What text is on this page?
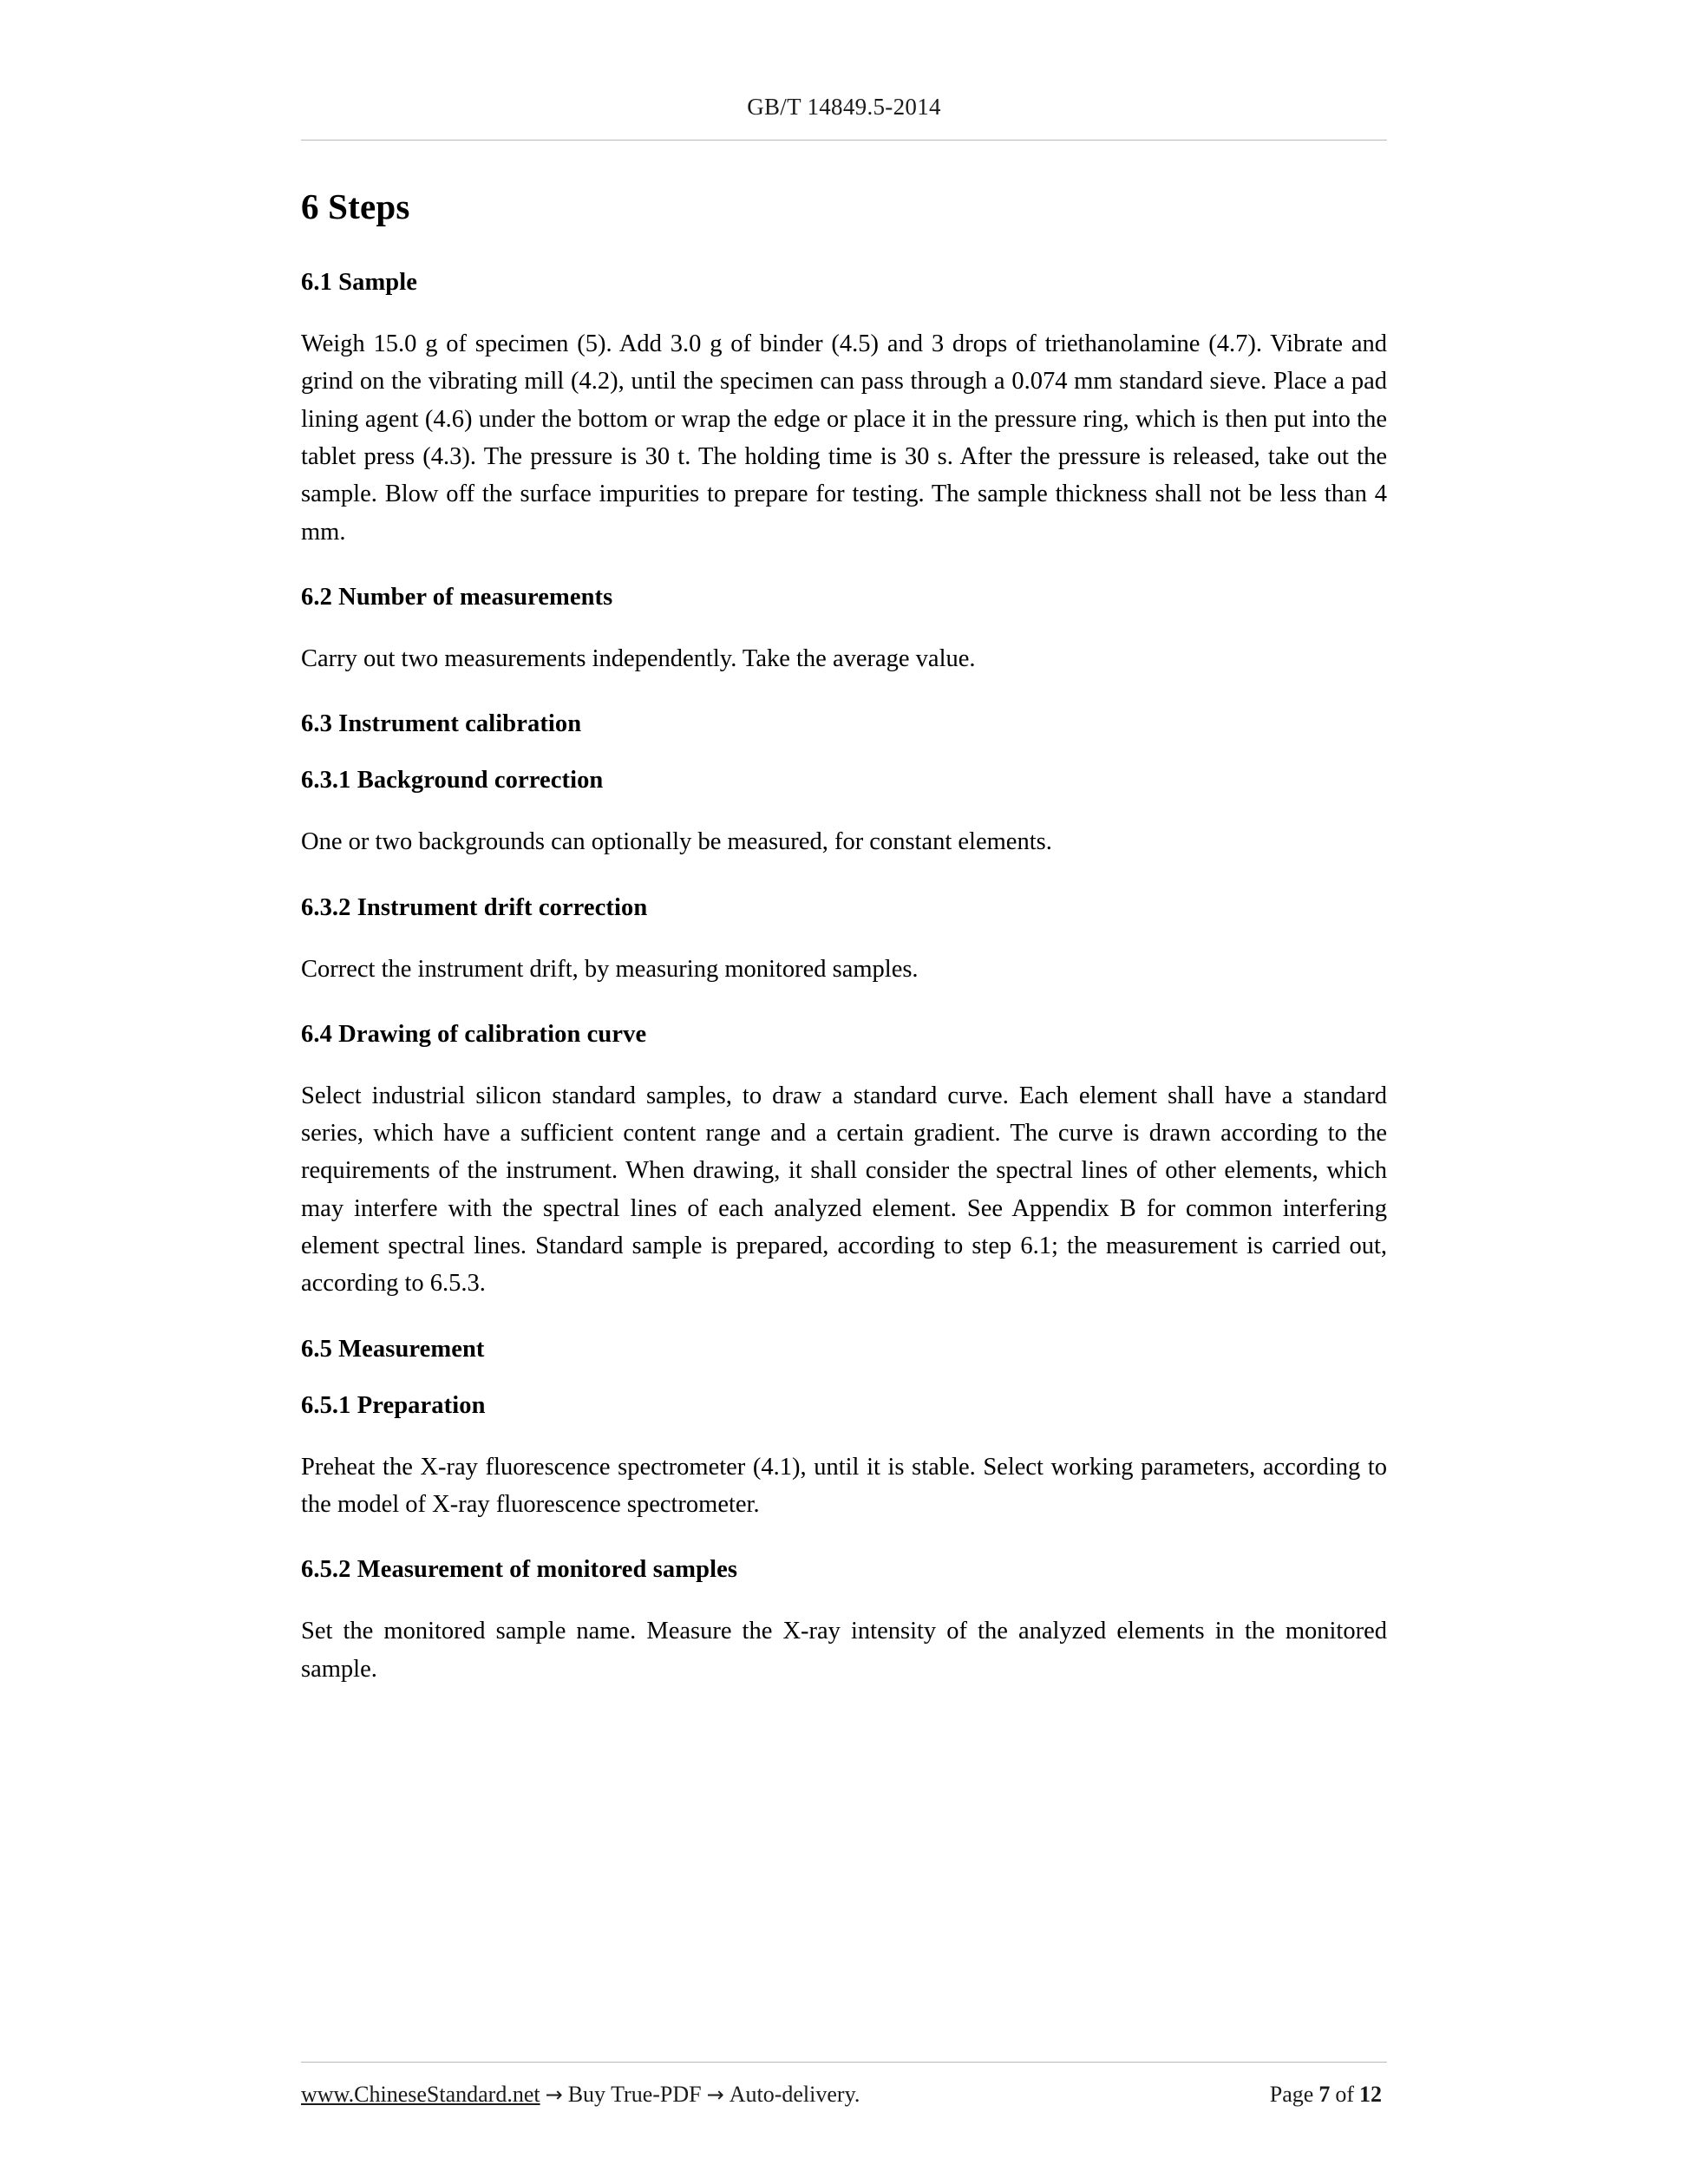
GB/T 14849.5-2014
6 Steps
6.1 Sample

Weigh 15.0 g of specimen (5). Add 3.0 g of binder (4.5) and 3 drops of triethanolamine (4.7). Vibrate and grind on the vibrating mill (4.2), until the specimen can pass through a 0.074 mm standard sieve. Place a pad lining agent (4.6) under the bottom or wrap the edge or place it in the pressure ring, which is then put into the tablet press (4.3). The pressure is 30 t. The holding time is 30 s. After the pressure is released, take out the sample. Blow off the surface impurities to prepare for testing. The sample thickness shall not be less than 4 mm.

6.2 Number of measurements

Carry out two measurements independently. Take the average value.

6.3 Instrument calibration
6.3.1 Background correction

One or two backgrounds can optionally be measured, for constant elements.

6.3.2 Instrument drift correction

Correct the instrument drift, by measuring monitored samples.

6.4 Drawing of calibration curve

Select industrial silicon standard samples, to draw a standard curve. Each element shall have a standard series, which have a sufficient content range and a certain gradient. The curve is drawn according to the requirements of the instrument. When drawing, it shall consider the spectral lines of other elements, which may interfere with the spectral lines of each analyzed element. See Appendix B for common interfering element spectral lines. Standard sample is prepared, according to step 6.1; the measurement is carried out, according to 6.5.3.

6.5 Measurement
6.5.1 Preparation

Preheat the X-ray fluorescence spectrometer (4.1), until it is stable. Select working parameters, according to the model of X-ray fluorescence spectrometer.

6.5.2 Measurement of monitored samples

Set the monitored sample name. Measure the X-ray intensity of the analyzed elements in the monitored sample.

www.ChineseStandard.net → Buy True-PDF → Auto-delivery.	Page 7 of 12
